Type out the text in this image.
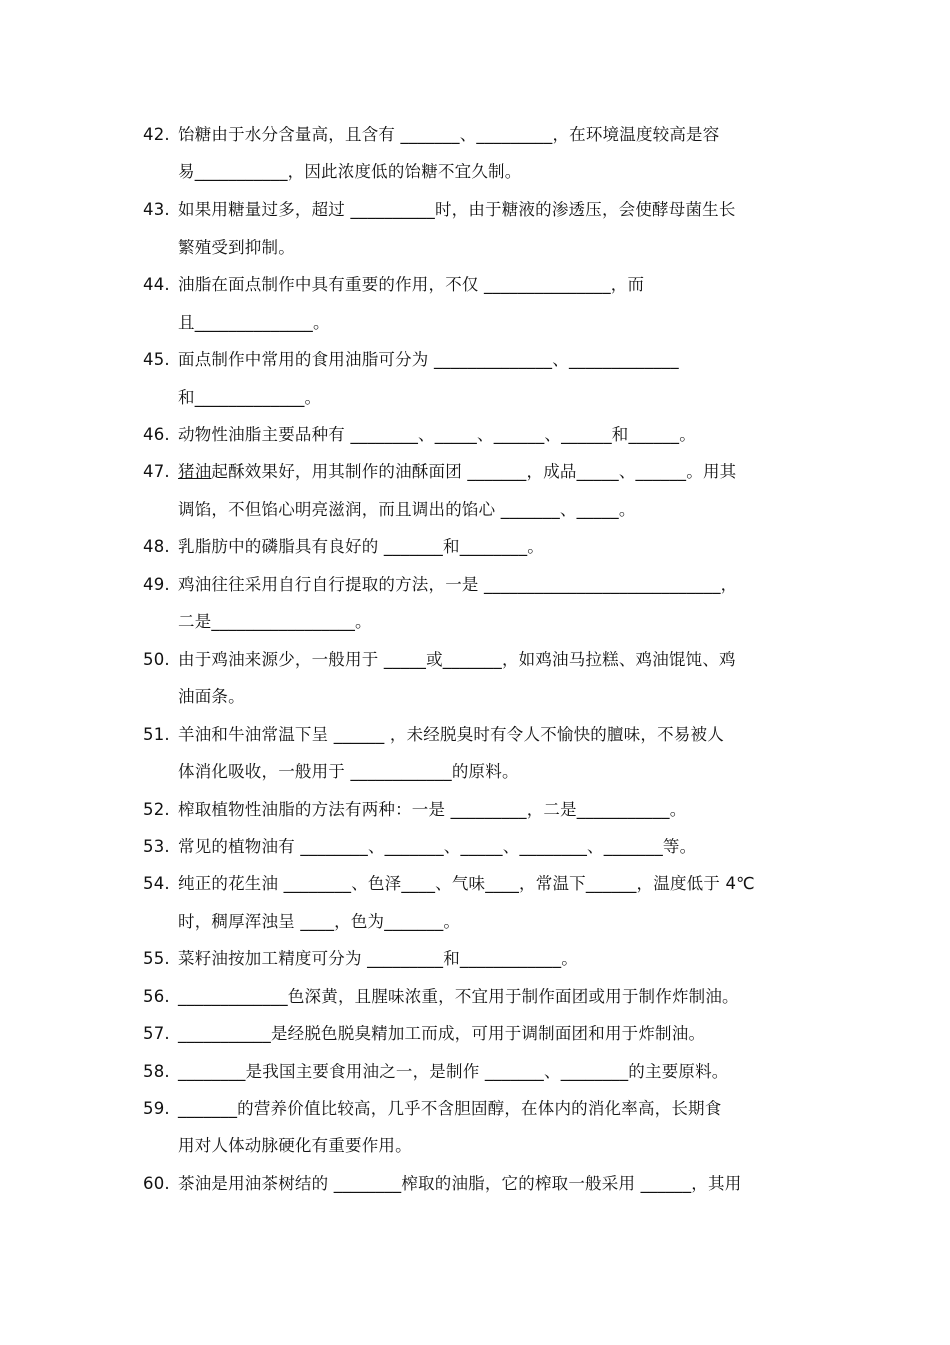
42. 饴糖由于水分含量高，且含有 _______、_________，在环境温度较高是容
易___________，因此浓度低的饴糖不宜久制。
43. 如果用糖量过多，超过 __________时，由于糖液的渗透压，会使酵母菌生长
繁殖受到抑制。
44. 油脂在面点制作中具有重要的作用，不仅 _______________，而
且______________。
45. 面点制作中常用的食用油脂可分为 ______________、_____________
和_____________。
46. 动物性油脂主要品种有 ________、_____、______、______和______。
47. 猪油起酥效果好，用其制作的油酥面团 _______，成品_____、______。用其
调馅，不但馅心明亮滋润，而且调出的馅心 _______、_____。
48. 乳脂肪中的磷脂具有良好的 _______和________。
49. 鸡油往往采用自行自行提取的方法，一是 ____________________________，
二是_________________。
50. 由于鸡油来源少，一般用于 _____或_______，如鸡油马拉糕、鸡油馄饨、鸡
油面条。
51. 羊油和牛油常温下呈 ______ ，未经脱臭时有令人不愉快的膻味，不易被人
体消化吸收，一般用于 ____________的原料。
52. 榨取植物性油脂的方法有两种：一是 _________，二是___________。
53. 常见的植物油有 ________、_______、_____、________、_______等。
54. 纯正的花生油 ________、色泽____、气味____，常温下______，温度低于 4℃
时，稠厚浑浊呈 ____，色为_______。
55. 菜籽油按加工精度可分为 _________和____________。
56. _____________色深黄，且腥味浓重，不宜用于制作面团或用于制作炸制油。
57. ___________是经脱色脱臭精加工而成，可用于调制面团和用于炸制油。
58. ________是我国主要食用油之一，是制作 _______、________的主要原料。
59. _______的营养价值比较高，几乎不含胆固醇，在体内的消化率高，长期食
用对人体动脉硬化有重要作用。
60. 茶油是用油茶树结的 ________榨取的油脂，它的榨取一般采用 ______，其用
